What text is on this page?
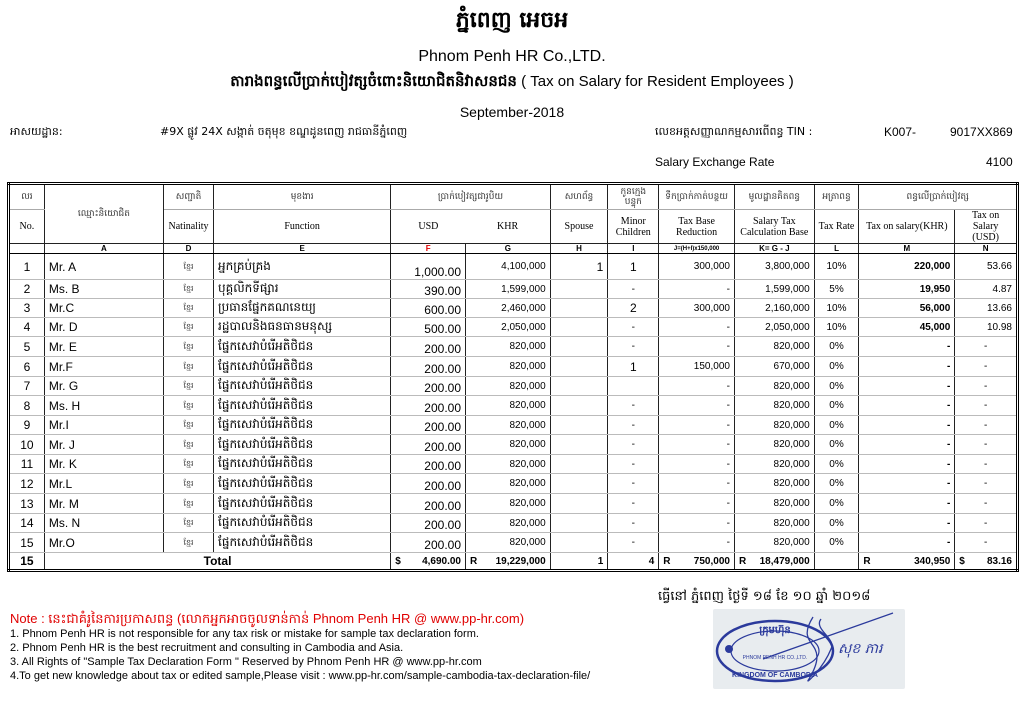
ភ្នំពេញ អេចអ
Phnom Penh HR Co.,LTD.
តារាងពន្ធលើប្រាក់បៀវត្សចំពោះនិយោជិតនិវាសនជន ( Tax on Salary for Resident Employees )
September-2018
អាសយដ្ឋាន:	#9X ផ្លូវ 24X សង្កាត់ ចតុមុខ ខណ្ឌដូនពេញ រាជធានីភ្នំពេញ	លេខអត្តសញ្ញាណកម្មសារពើពន្ធ TIN :	K007-	9017XX869
Salary Exchange Rate	4100
លរ	ឈ្មោះនិយោជិត	សញ្ជាតិ	មុខងារ	ប្រាក់បៀវត្សជារូបិយ		សហព័ន្ធ	កូនក្មេង បន្ទុក	ទឹកប្រាក់កាត់បន្ថយ	មូលដ្ឋានគិតពន្ធ	អត្រាពន្ធ	ពន្ធលើប្រាក់បៀវត្ស	
No.		Natinality	Function	USD	KHR	Spouse	Minor Children	Tax Base Reduction	Salary Tax Calculation Base	Tax Rate	Tax on salary(KHR)	Tax on Salary (USD)
	A	D	E	F	G	H	I	J=(H+I)x150,000	K= G - J	L	M	N
1	Mr. A	ខ្មែរ	អ្នកគ្រប់គ្រង	1,000.00	4,100,000	1	1	300,000	3,800,000	10%	220,000	53.66
2	Ms. B	ខ្មែរ	បុគ្គលិកទីផ្សារ	390.00	1,599,000		-	-	1,599,000	5%	19,950	4.87
3	Mr.C	ខ្មែរ	ប្រធានផ្នែកគណនេយ្យ	600.00	2,460,000		2	300,000	2,160,000	10%	56,000	13.66
4	Mr. D	ខ្មែរ	រដ្ឋបាលនិងធនធានមនុស្ស	500.00	2,050,000		-	-	2,050,000	10%	45,000	10.98
5	Mr. E	ខ្មែរ	ផ្នែកសេវាបំរើអតិថិជន	200.00	820,000		-	-	820,000	0%	-	-
6	Mr.F	ខ្មែរ	ផ្នែកសេវាបំរើអតិថិជន	200.00	820,000		1	150,000	670,000	0%	-	-
7	Mr. G	ខ្មែរ	ផ្នែកសេវាបំរើអតិថិជន	200.00	820,000			-	820,000	0%	-	-
8	Ms. H	ខ្មែរ	ផ្នែកសេវាបំរើអតិថិជន	200.00	820,000		-	-	820,000	0%	-	-
9	Mr.I	ខ្មែរ	ផ្នែកសេវាបំរើអតិថិជន	200.00	820,000		-	-	820,000	0%	-	-
10	Mr. J	ខ្មែរ	ផ្នែកសេវាបំរើអតិថិជន	200.00	820,000		-	-	820,000	0%	-	-
11	Mr. K	ខ្មែរ	ផ្នែកសេវាបំរើអតិថិជន	200.00	820,000		-	-	820,000	0%	-	-
12	Mr.L	ខ្មែរ	ផ្នែកសេវាបំរើអតិថិជន	200.00	820,000		-	-	820,000	0%	-	-
13	Mr. M	ខ្មែរ	ផ្នែកសេវាបំរើអតិថិជន	200.00	820,000		-	-	820,000	0%	-	-
14	Ms. N	ខ្មែរ	ផ្នែកសេវាបំរើអតិថិជន	200.00	820,000		-	-	820,000	0%	-	-
15	Mr.O	ខ្មែរ	ផ្នែកសេវាបំរើអតិថិជន	200.00	820,000		-	-	820,000	0%	-	-
15	Total			$ 4,690.00	R 19,229,000	1	4	R 750,000	R 18,479,000		R 340,950	$ 83.16
ធ្វើនៅ ភ្នំពេញ ថ្ងៃទី ១៨ ខែ ១០ ឆ្នាំ ២០១៨
Note : នេះជាគំរូនៃការប្រកាសពន្ធ (លោកអ្នកអាចចូលទាន់កាន់ Phnom Penh HR @ www.pp-hr.com)
1. Phnom Penh HR is not responsible for any tax risk or mistake for sample tax declaration form.
2. Phnom Penh HR is the best recruitment and consulting in Cambodia and Asia.
3. All Rights of "Sample Tax Declaration Form " Reserved by Phnom Penh HR @ www.pp-hr.com
4.To get new knowledge about tax or edited sample,Please visit : www.pp-hr.com/sample-cambodia-tax-declaration-file/
ក្រុមហ៊ុន
PHNOM PENH HR CO.,LTD.
KINGDOM OF CAMBODIA
សុខ ភារ
